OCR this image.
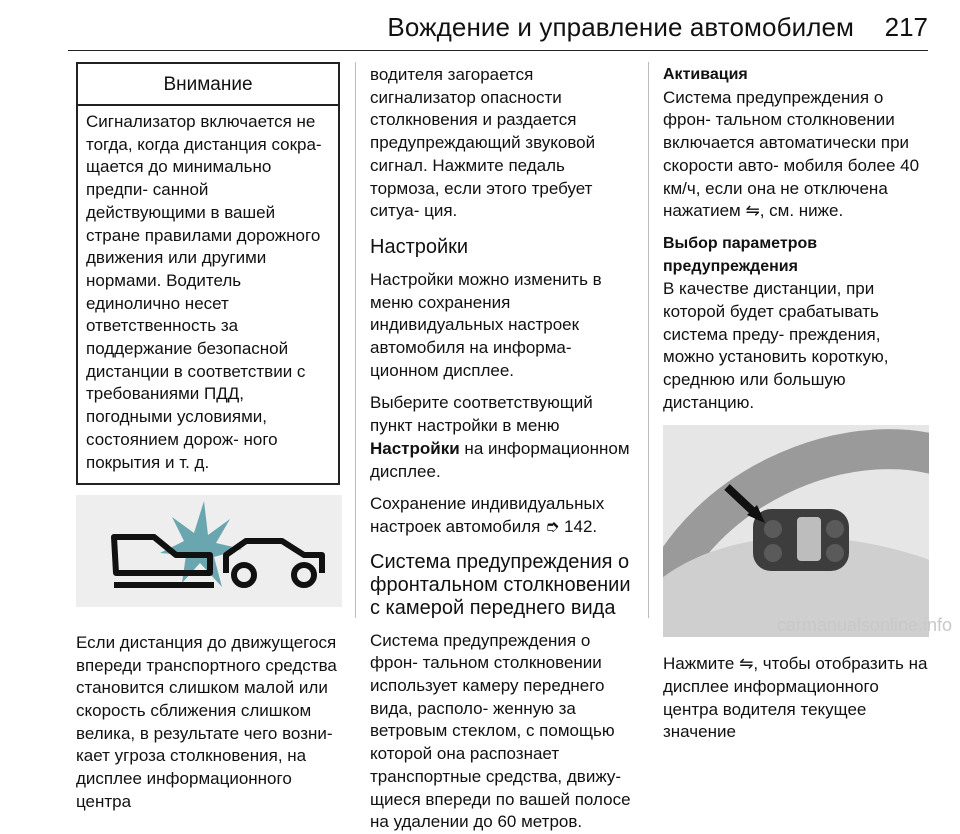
Вождение и управление автомобилем 217
Внимание
Сигнализатор включается не тогда, когда дистанция сокра- щается до минимально предпи- санной действующими в вашей стране правилами дорожного движения или другими нормами. Водитель единолично несет ответственность за поддержание безопасной дистанции в соответствии с требованиями ПДД, погодными условиями, состоянием дорож- ного покрытия и т. д.

Если дистанция до движущегося впереди транспортного средства становится слишком малой или скорость сближения слишком велика, в результате чего возни- кает угроза столкновения, на дисплее информационного центра

водителя загорается сигнализатор опасности столкновения и раздается предупреждающий звуковой сигнал. Нажмите педаль тормоза, если этого требует ситуа- ция.

Настройки

Настройки можно изменить в меню сохранения индивидуальных настроек автомобиля на информа- ционном дисплее.

Выберите соответствующий пункт настройки в меню Настройки на информационном дисплее.

Сохранение индивидуальных настроек автомобиля ➮ 142.

Система предупреждения о фронтальном столкновении с камерой переднего вида

Система предупреждения о фрон- тальном столкновении использует камеру переднего вида, располо- женную за ветровым стеклом, с помощью которой она распознает транспортные средства, движу- щиеся впереди по вашей полосе на удалении до 60 метров.

Активация

Система предупреждения о фрон- тальном столкновении включается автоматически при скорости авто- мобиля более 40 км/ч, если она не отключена нажатием ⇋, см. ниже.

Выбор параметров предупреждения

В качестве дистанции, при которой будет срабатывать система преду- преждения, можно установить короткую, среднюю или большую дистанцию.

Нажмите ⇋, чтобы отобразить на дисплее информационного центра водителя текущее значение

carmanualsonline.info
